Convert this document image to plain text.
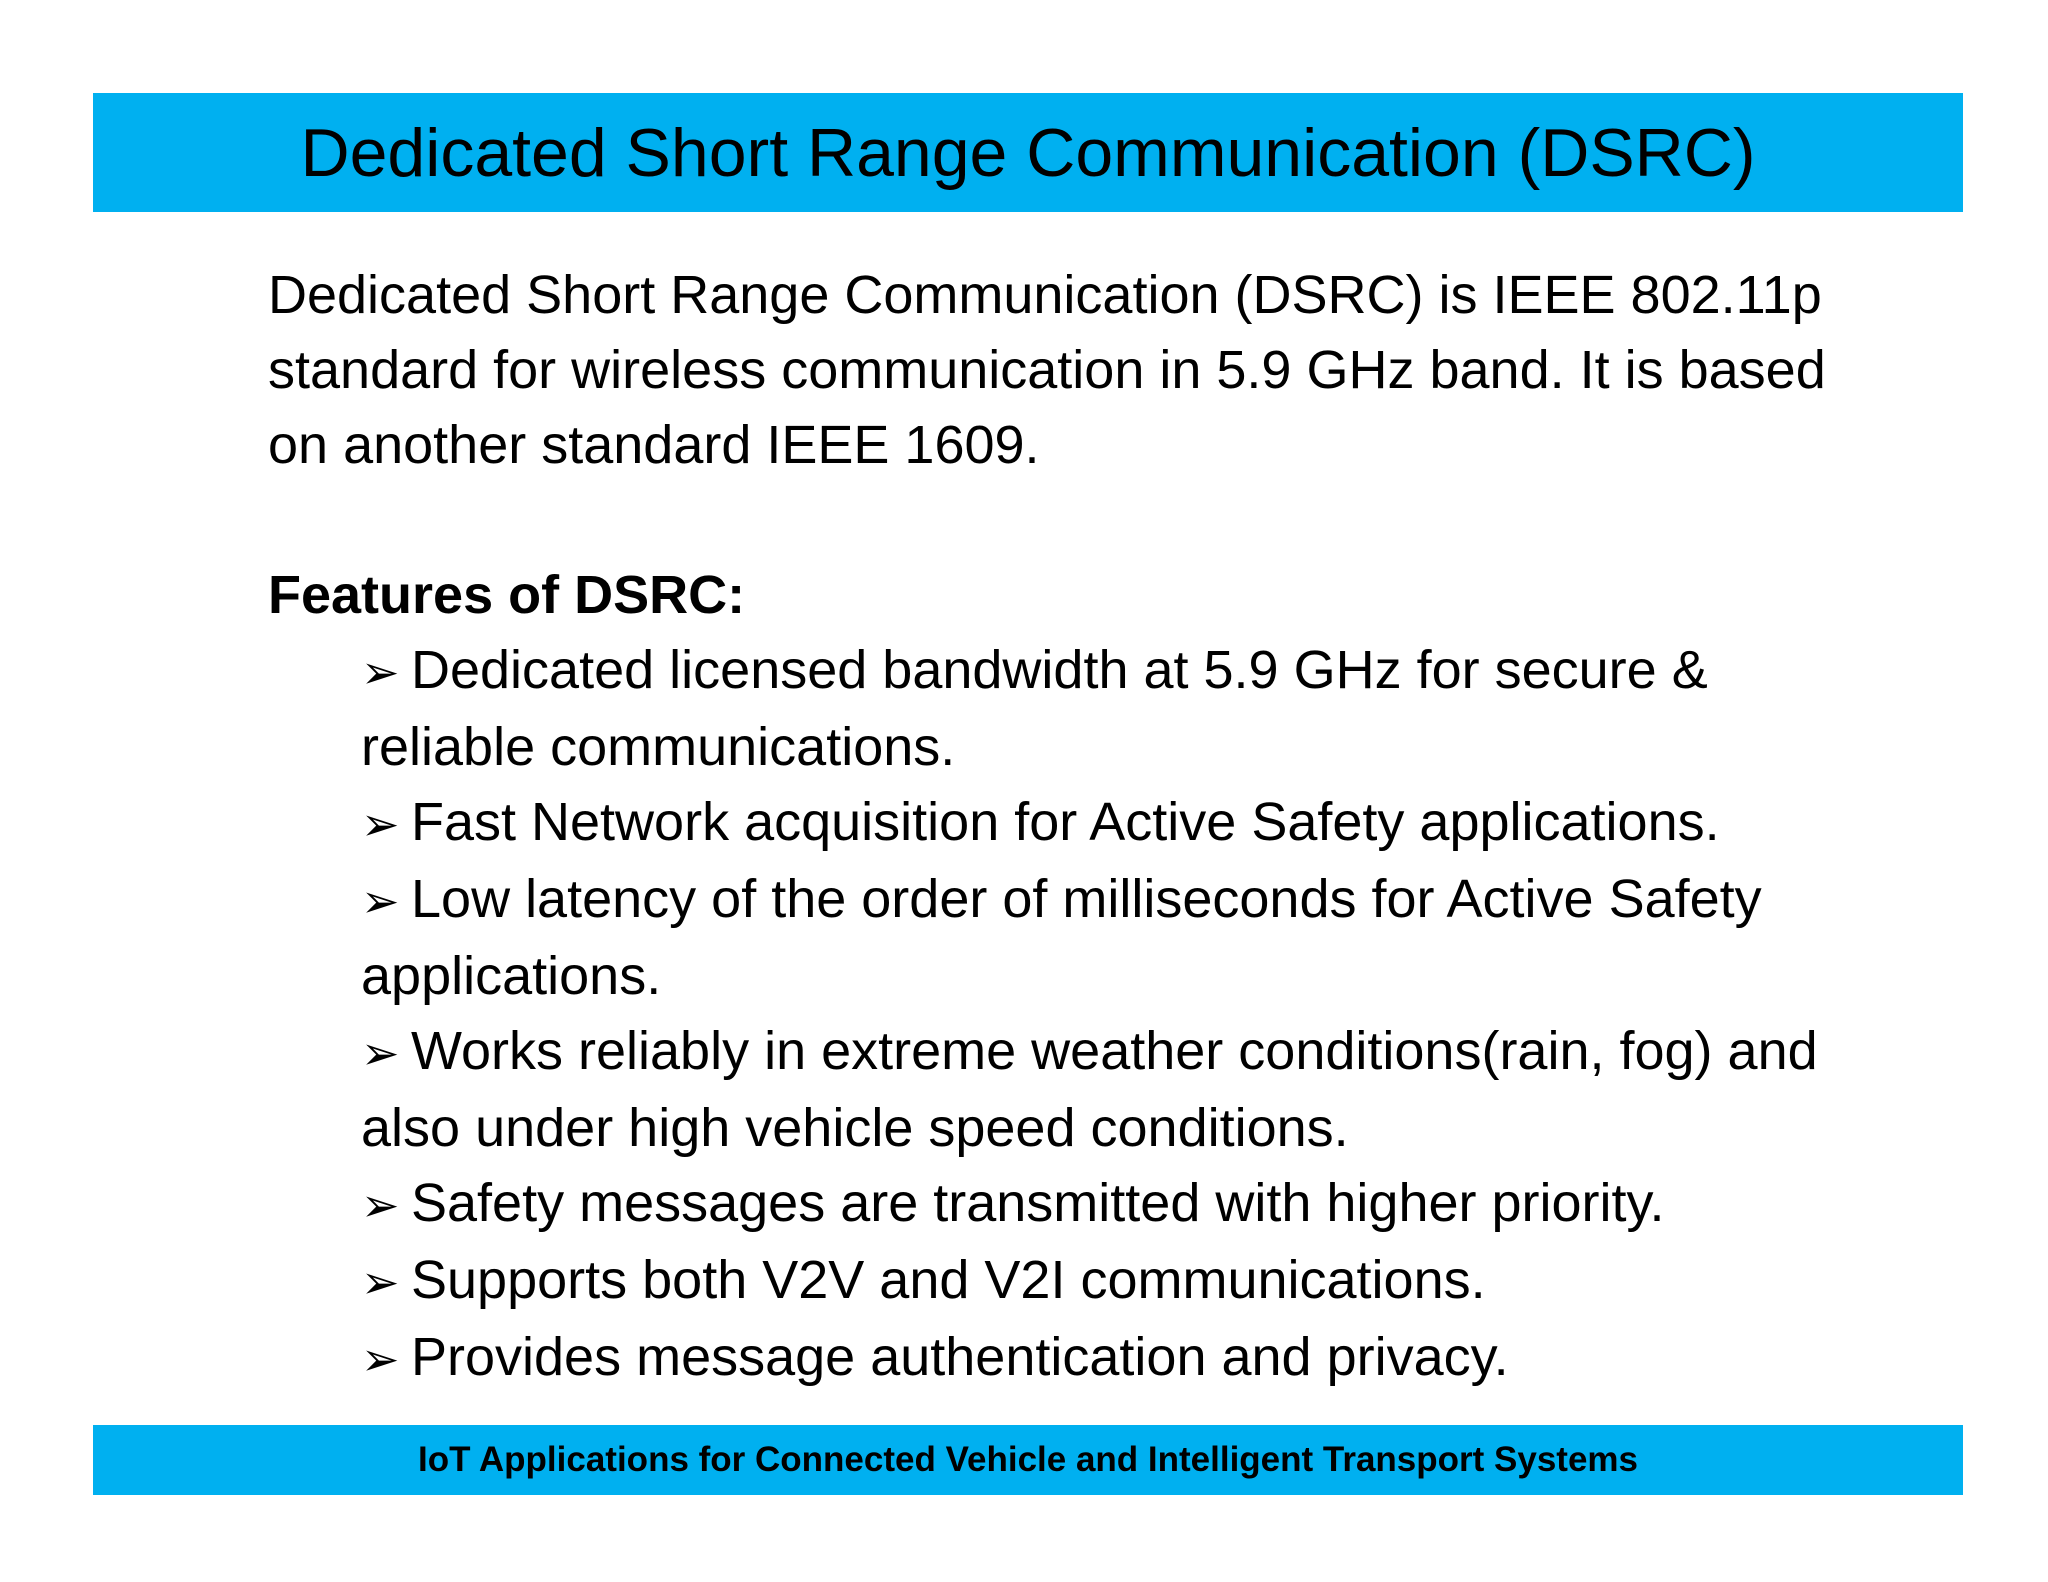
Dedicated Short Range Communication (DSRC)

Dedicated Short Range Communication (DSRC) is IEEE 802.11p standard for wireless communication in 5.9 GHz band. It is based on another standard IEEE 1609.

Features of DSRC:
➢ Dedicated licensed bandwidth at 5.9 GHz for secure & reliable communications.
➢ Fast Network acquisition for Active Safety applications.
➢ Low latency of the order of milliseconds for Active Safety applications.
➢ Works reliably in extreme weather conditions(rain, fog) and also under high vehicle speed conditions.
➢ Safety messages are transmitted with higher priority.
➢ Supports both V2V and V2I communications.
➢ Provides message authentication and privacy.
IoT Applications for Connected Vehicle and Intelligent Transport Systems
